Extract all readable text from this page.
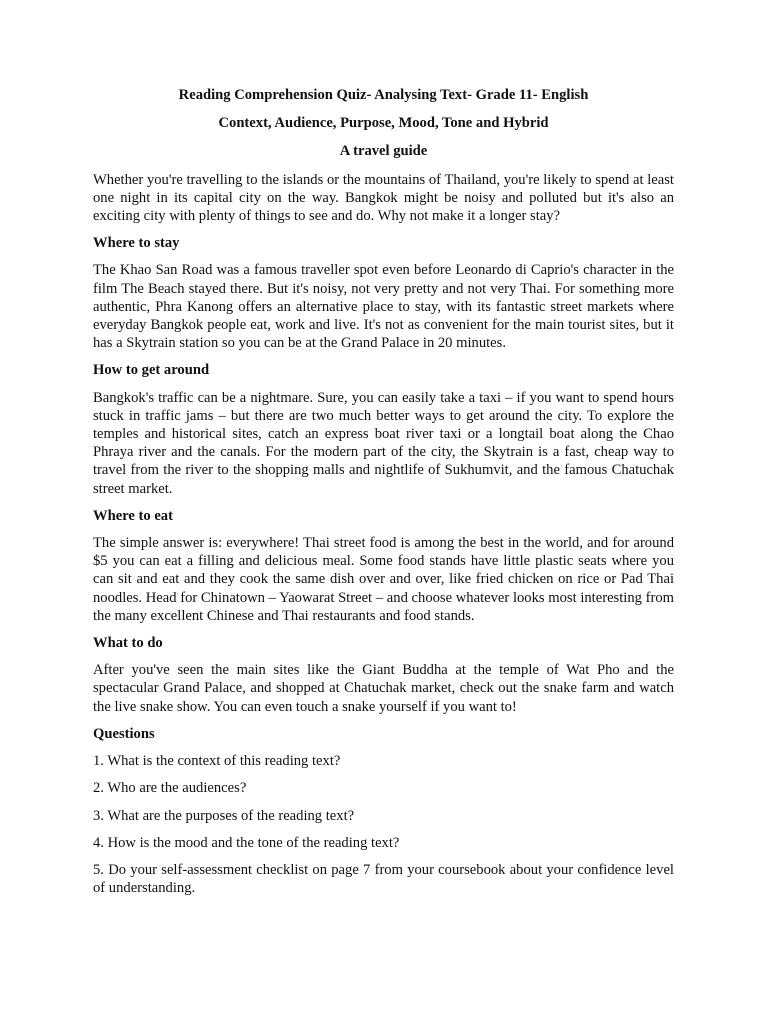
Reading Comprehension Quiz- Analysing Text- Grade 11- English
Context, Audience, Purpose, Mood, Tone and Hybrid
A travel guide

Whether you're travelling to the islands or the mountains of Thailand, you're likely to spend at least one night in its capital city on the way. Bangkok might be noisy and polluted but it's also an exciting city with plenty of things to see and do. Why not make it a longer stay?

Where to stay

The Khao San Road was a famous traveller spot even before Leonardo di Caprio's character in the film The Beach stayed there. But it's noisy, not very pretty and not very Thai. For something more authentic, Phra Kanong offers an alternative place to stay, with its fantastic street markets where everyday Bangkok people eat, work and live. It's not as convenient for the main tourist sites, but it has a Skytrain station so you can be at the Grand Palace in 20 minutes.

How to get around

Bangkok's traffic can be a nightmare. Sure, you can easily take a taxi – if you want to spend hours stuck in traffic jams – but there are two much better ways to get around the city. To explore the temples and historical sites, catch an express boat river taxi or a longtail boat along the Chao Phraya river and the canals. For the modern part of the city, the Skytrain is a fast, cheap way to travel from the river to the shopping malls and nightlife of Sukhumvit, and the famous Chatuchak street market.

Where to eat

The simple answer is: everywhere! Thai street food is among the best in the world, and for around $5 you can eat a filling and delicious meal. Some food stands have little plastic seats where you can sit and eat and they cook the same dish over and over, like fried chicken on rice or Pad Thai noodles. Head for Chinatown – Yaowarat Street – and choose whatever looks most interesting from the many excellent Chinese and Thai restaurants and food stands.

What to do

After you've seen the main sites like the Giant Buddha at the temple of Wat Pho and the spectacular Grand Palace, and shopped at Chatuchak market, check out the snake farm and watch the live snake show. You can even touch a snake yourself if you want to!

Questions
1. What is the context of this reading text?
2. Who are the audiences?
3. What are the purposes of the reading text?
4. How is the mood and the tone of the reading text?
5. Do your self-assessment checklist on page 7 from your coursebook about your confidence level of understanding.
